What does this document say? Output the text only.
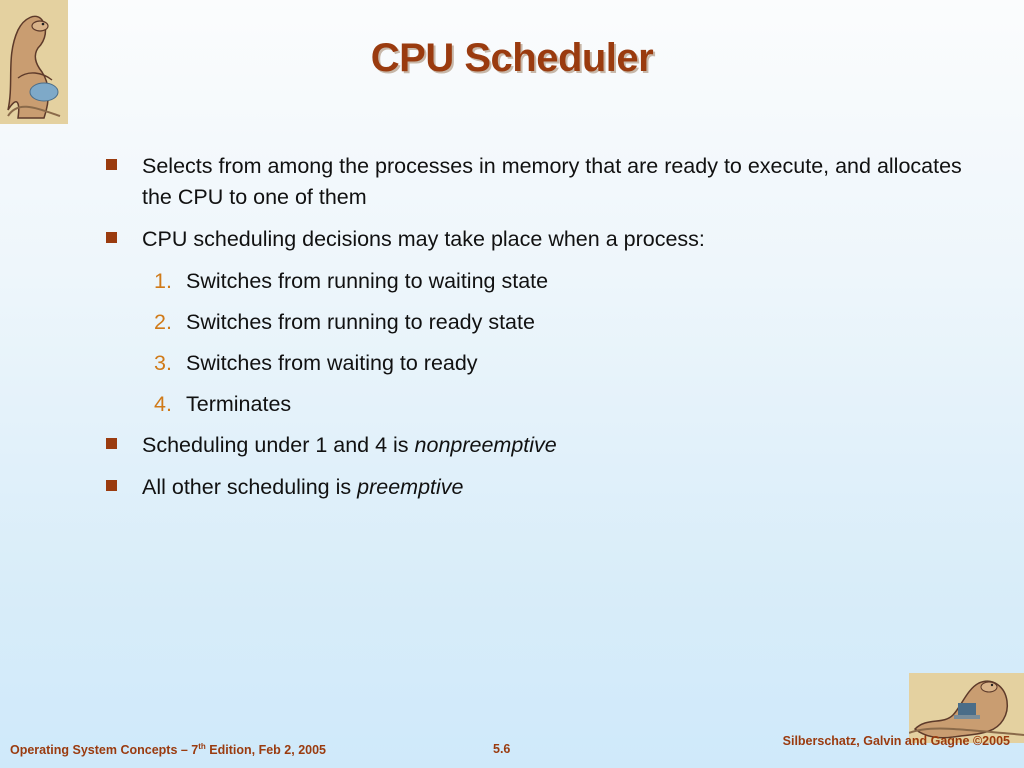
CPU Scheduler
Selects from among the processes in memory that are ready to execute, and allocates the CPU to one of them
CPU scheduling decisions may take place when a process:
1. Switches from running to waiting state
2. Switches from running to ready state
3. Switches from waiting to ready
4. Terminates
Scheduling under 1 and 4 is nonpreemptive
All other scheduling is preemptive
Operating System Concepts – 7th Edition, Feb 2, 2005	5.6
Silberschatz, Galvin and Gagne ©2005
